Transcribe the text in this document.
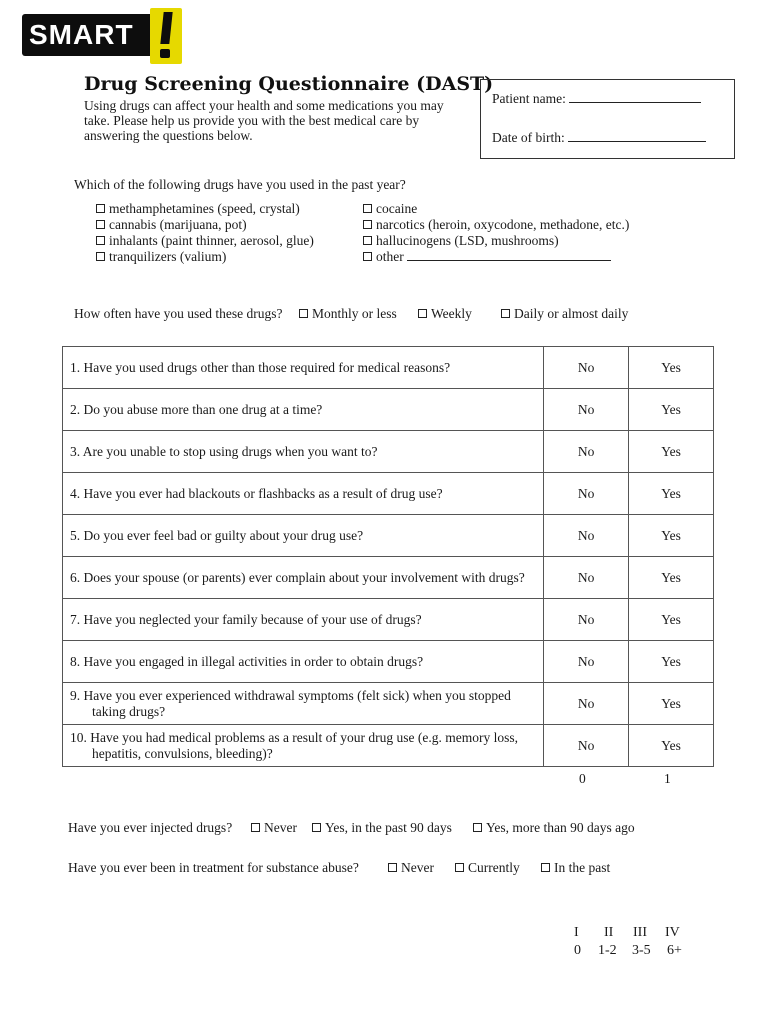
SMART
Drug Screening Questionnaire (DAST)
Using drugs can affect your health and some medications you may take. Please help us provide you with the best medical care by answering the questions below.
Patient name:
Date of birth:
Which of the following drugs have you used in the past year?
methamphetamines (speed, crystal)
cannabis (marijuana, pot)
inhalants (paint thinner, aerosol, glue)
tranquilizers (valium)
cocaine
narcotics (heroin, oxycodone, methadone, etc.)
hallucinogens (LSD, mushrooms)
other
How often have you used these drugs?	Monthly or less	Weekly	Daily or almost daily
1. Have you used drugs other than those required for medical reasons?	No	Yes

2. Do you abuse more than one drug at a time?	No	Yes

3. Are you unable to stop using drugs when you want to?	No	Yes

4. Have you ever had blackouts or flashbacks as a result of drug use?	No	Yes

5. Do you ever feel bad or guilty about your drug use?	No	Yes

6. Does your spouse (or parents) ever complain about your involvement with drugs?	No	Yes

7. Have you neglected your family because of your use of drugs?	No	Yes

8. Have you engaged in illegal activities in order to obtain drugs?	No	Yes

9. Have you ever experienced withdrawal symptoms (felt sick) when you stopped
taking drugs?	No	Yes

10. Have you had medical problems as a result of your drug use (e.g. memory loss,
hepatitis, convulsions, bleeding)?	No	Yes
0	1
Have you ever injected drugs?	Never	Yes, in the past 90 days	Yes, more than 90 days ago
Have you ever been in treatment for substance abuse?	Never	Currently	In the past
I II III IV
0 1-2 3-5 6+
